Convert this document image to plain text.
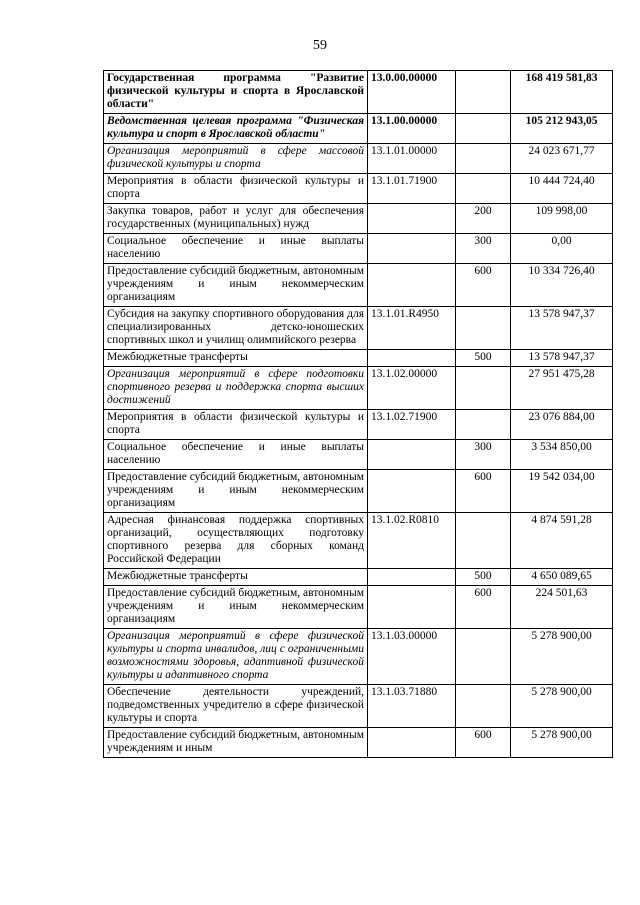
59
Государственная программа "Развитие физической культуры и спорта в Ярославской области"	13.0.00.00000		168 419 581,83
Ведомственная целевая программа "Физическая культура и спорт в Ярославской области"	13.1.00.00000		105 212 943,05
Организация мероприятий в сфере массовой физической культуры и спорта	13.1.01.00000		24 023 671,77
Мероприятия в области физической культуры и спорта	13.1.01.71900		10 444 724,40
Закупка товаров, работ и услуг для обеспечения государственных (муниципальных) нужд		200	109 998,00
Социальное обеспечение и иные выплаты населению		300	0,00
Предоставление субсидий бюджетным, автономным учреждениям и иным некоммерческим организациям		600	10 334 726,40
Субсидия на закупку спортивного оборудования для специализированных детско-юношеских спортивных школ и училищ олимпийского резерва	13.1.01.R4950		13 578 947,37
Межбюджетные трансферты		500	13 578 947,37
Организация мероприятий в сфере подготовки спортивного резерва и поддержка спорта высших достижений	13.1.02.00000		27 951 475,28
Мероприятия в области физической культуры и спорта	13.1.02.71900		23 076 884,00
Социальное обеспечение и иные выплаты населению		300	3 534 850,00
Предоставление субсидий бюджетным, автономным учреждениям и иным некоммерческим организациям		600	19 542 034,00
Адресная финансовая поддержка спортивных организаций, осуществляющих подготовку спортивного резерва для сборных команд Российской Федерации	13.1.02.R0810		4 874 591,28
Межбюджетные трансферты		500	4 650 089,65
Предоставление субсидий бюджетным, автономным учреждениям и иным некоммерческим организациям		600	224 501,63
Организация мероприятий в сфере физической культуры и спорта инвалидов, лиц с ограниченными возможностями здоровья, адаптивной физической культуры и адаптивного спорта	13.1.03.00000		5 278 900,00
Обеспечение деятельности учреждений, подведомственных учредителю в сфере физической культуры и спорта	13.1.03.71880		5 278 900,00
Предоставление субсидий бюджетным, автономным учреждениям и иным		600	5 278 900,00
